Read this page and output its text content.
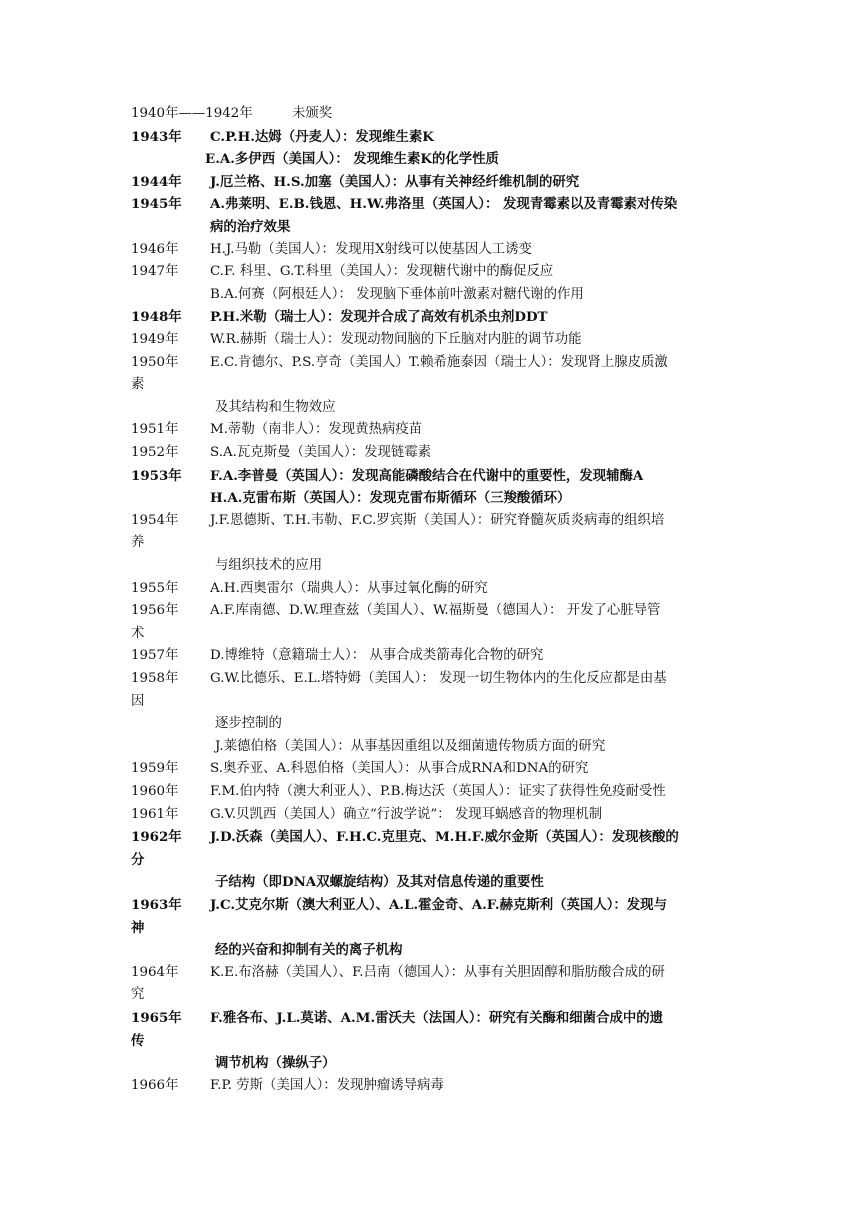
1940年——1942年	未颁奖
1943年 C.P.H.达姆（丹麦人）：发现维生素K
E.A.多伊西（美国人）： 发现维生素K的化学性质
1944年 J.厄兰格、H.S.加塞（美国人）：从事有关神经纤维机制的研究
1945年 A.弗莱明、E.B.钱恩、H.W.弗洛里（英国人）： 发现青霉素以及青霉素对传染
病的治疗效果
1946年 H.J.马勒（美国人）：发现用X射线可以使基因人工诱变
1947年 C.F. 科里、G.T.科里（美国人）：发现糖代谢中的酶促反应
B.A.何赛（阿根廷人）： 发现脑下垂体前叶激素对糖代谢的作用
1948年 P.H.米勒（瑞士人）：发现并合成了高效有机杀虫剂DDT
1949年 W.R.赫斯（瑞士人）：发现动物间脑的下丘脑对内脏的调节功能
1950年 E.C.肯德尔、P.S.亨奇（美国人）T.赖希施泰因（瑞士人）：发现肾上腺皮质激
素
及其结构和生物效应
1951年 M.蒂勒（南非人）：发现黄热病疫苗
1952年 S.A.瓦克斯曼（美国人）：发现链霉素
1953年 F.A.李普曼（英国人）：发现高能磷酸结合在代谢中的重要性，发现辅酶A
H.A.克雷布斯（英国人）：发现克雷布斯循环（三羧酸循环）
1954年 J.F.恩德斯、T.H.韦勒、F.C.罗宾斯（美国人）：研究脊髓灰质炎病毒的组织培
养
与组织技术的应用
1955年 A.H.西奥雷尔（瑞典人）：从事过氧化酶的研究
1956年 A.F.库南德、D.W.理查兹（美国人）、W.福斯曼（德国人）： 开发了心脏导管
术
1957年 D.博维特（意籍瑞士人）： 从事合成类箭毒化合物的研究
1958年 G.W.比德乐、E.L.塔特姆（美国人）： 发现一切生物体内的生化反应都是由基
因
逐步控制的
J.莱德伯格（美国人）：从事基因重组以及细菌遗传物质方面的研究
1959年 S.奥乔亚、A.科恩伯格（美国人）：从事合成RNA和DNA的研究
1960年 F.M.伯内特（澳大利亚人）、P.B.梅达沃（英国人）：证实了获得性免疫耐受性
1961年 G.V.贝凯西（美国人）确立“行波学说”： 发现耳蜗感音的物理机制
1962年 J.D.沃森（美国人）、F.H.C.克里克、M.H.F.威尔金斯（英国人）：发现核酸的
分
子结构（即DNA双螺旋结构）及其对信息传递的重要性
1963年 J.C.艾克尔斯（澳大利亚人）、A.L.霍金奇、A.F.赫克斯利（英国人）：发现与
神
经的兴奋和抑制有关的离子机构
1964年 K.E.布洛赫（美国人）、F.吕南（德国人）：从事有关胆固醇和脂肪酸合成的研
究
1965年 F.雅各布、J.L.莫诺、A.M.雷沃夫（法国人）：研究有关酶和细菌合成中的遗
传
调节机构（操纵子）
1966年 F.P. 劳斯（美国人）：发现肿瘤诱导病毒
